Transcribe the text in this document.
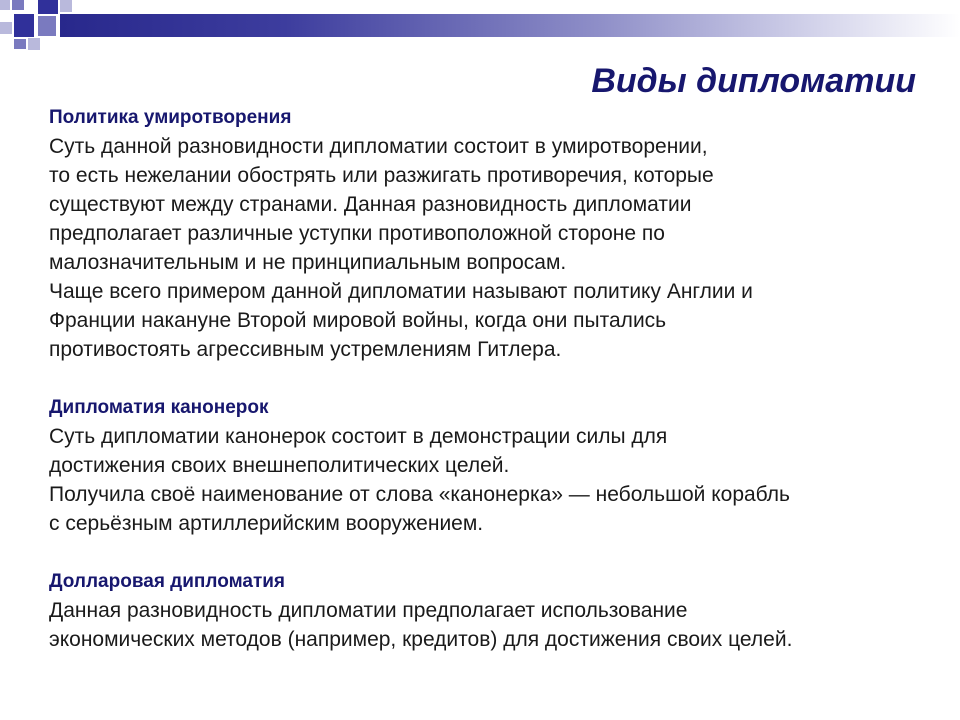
Виды дипломатии
Политика умиротворения
Суть данной разновидности дипломатии состоит в умиротворении,
то есть нежелании обострять или разжигать противоречия, которые
существуют между странами. Данная разновидность дипломатии
предполагает различные уступки противоположной стороне по
малозначительным и не принципиальным вопросам.
Чаще всего примером данной дипломатии называют политику Англии и
Франции накануне Второй мировой войны, когда они пытались
противостоять агрессивным устремлениям Гитлера.
Дипломатия канонерок
Суть дипломатии канонерок состоит в демонстрации силы для
достижения своих внешнеполитических целей.
Получила своё наименование от слова «канонерка» — небольшой корабль
с серьёзным артиллерийским вооружением.
Долларовая дипломатия
Данная разновидность дипломатии предполагает использование
экономических методов (например, кредитов) для достижения своих целей.
